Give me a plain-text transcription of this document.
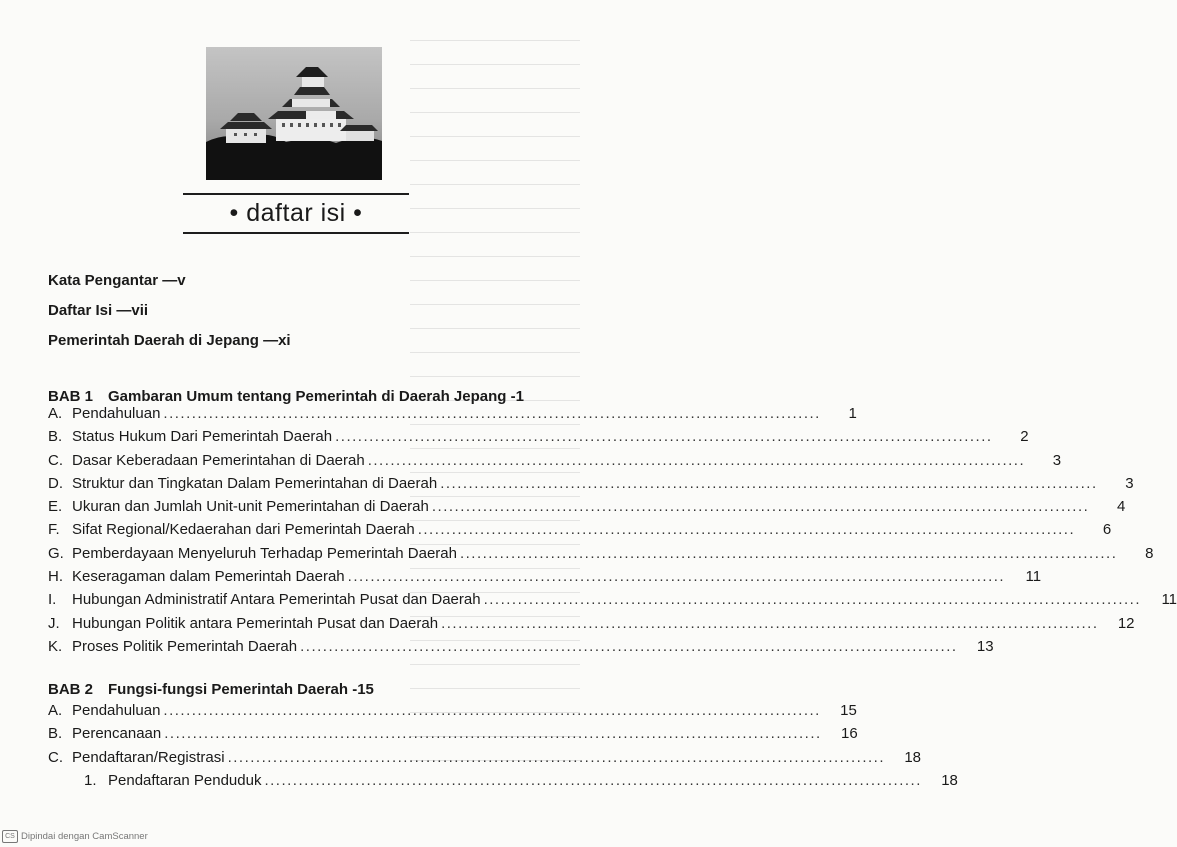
• daftar isi •
Kata Pengantar —v
Daftar Isi —vii
Pemerintah Daerah di Jepang —xi
BAB 1 Gambaran Umum tentang Pemerintah di Daerah Jepang -1
A. Pendahuluan ....................................................................................................................	1
B. Status Hukum Dari Pemerintah Daerah ....................................................................................................................	2
C. Dasar Keberadaan Pemerintahan di Daerah ....................................................................................................................	3
D. Struktur dan Tingkatan Dalam Pemerintahan di Daerah ....................................................................................................................	3
E. Ukuran dan Jumlah Unit-unit Pemerintahan di Daerah ....................................................................................................................	4
F. Sifat Regional/Kedaerahan dari Pemerintah Daerah ....................................................................................................................	6
G. Pemberdayaan Menyeluruh Terhadap Pemerintah Daerah ....................................................................................................................	8
H. Keseragaman dalam Pemerintah Daerah ....................................................................................................................	11
I.	Hubungan Administratif Antara Pemerintah Pusat dan Daerah ....................................................................................................................	11
J. Hubungan Politik antara Pemerintah Pusat dan Daerah ....................................................................................................................	12
K. Proses Politik Pemerintah Daerah ....................................................................................................................	13
BAB 2 Fungsi-fungsi Pemerintah Daerah -15
A. Pendahuluan ....................................................................................................................	15
B. Perencanaan ....................................................................................................................	16
C. Pendaftaran/Registrasi ....................................................................................................................	18
1. Pendaftaran Penduduk ....................................................................................................................	18
CS Dipindai dengan CamScanner
